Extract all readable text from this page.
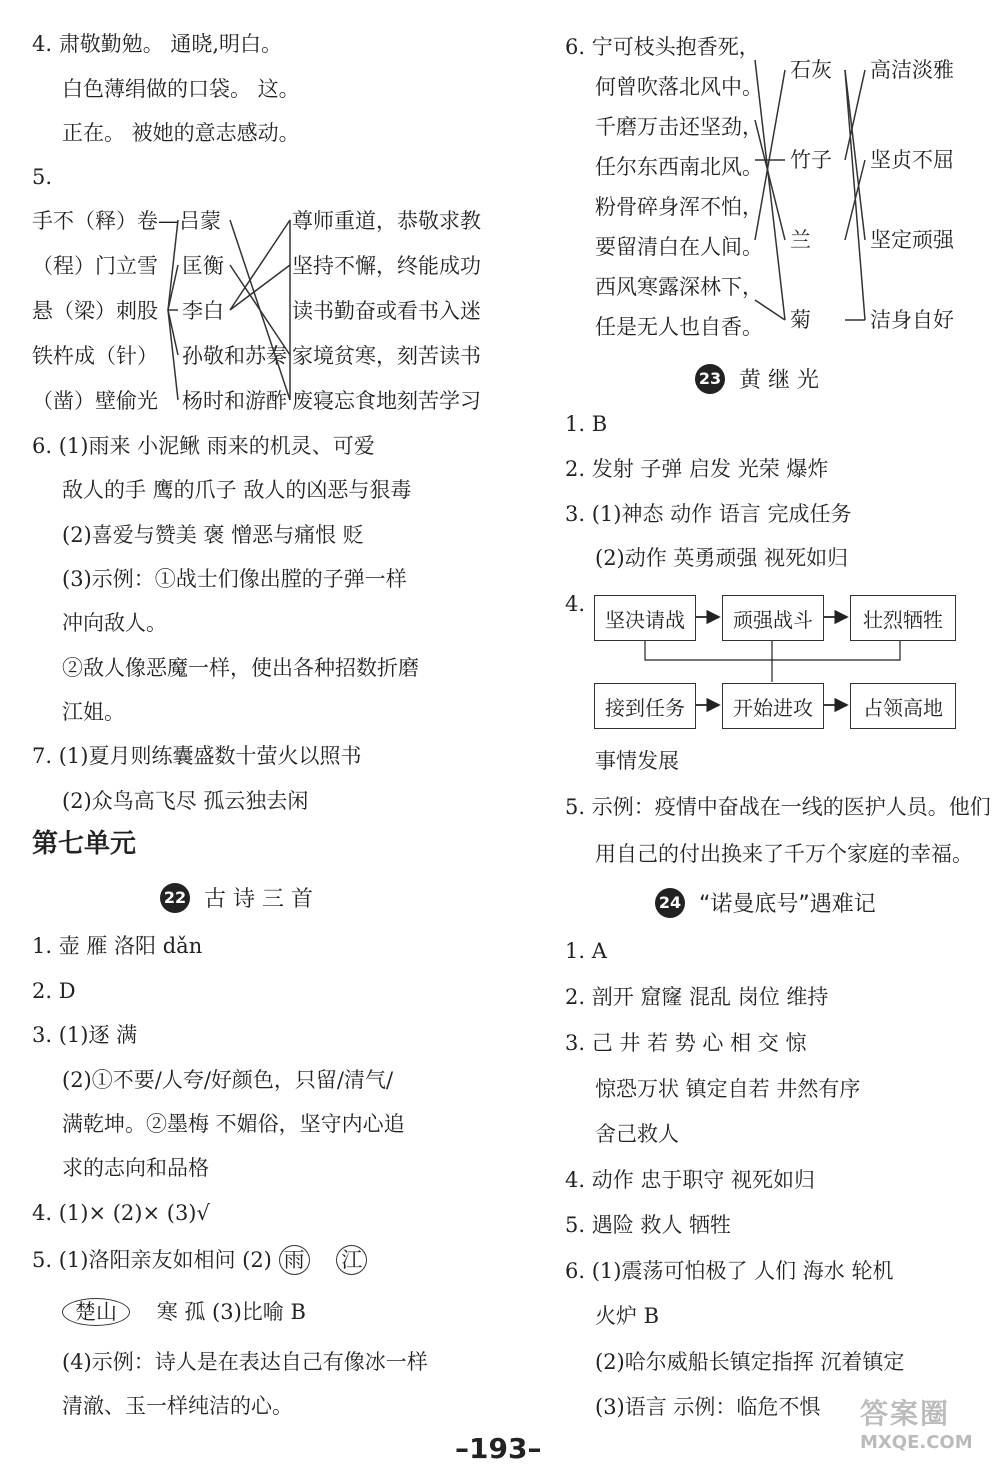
4. 肃敬勤勉。 通晓,明白。
白色薄绢做的口袋。 这。
正在。 被她的意志感动。
5.
手不（释）卷—吕蒙
（程）门立雪
悬（梁）刺股
铁杵成（针）
（凿）壁偷光
匡衡
李白
孙敬和苏秦
杨时和游酢
尊师重道，恭敬求教
坚持不懈，终能成功
读书勤奋或看书入迷
家境贫寒，刻苦读书
废寝忘食地刻苦学习
6. (1)雨来 小泥鳅 雨来的机灵、可爱
敌人的手 鹰的爪子 敌人的凶恶与狠毒
(2)喜爱与赞美 褒 憎恶与痛恨 贬
(3)示例：①战士们像出膛的子弹一样
冲向敌人。
②敌人像恶魔一样，使出各种招数折磨
江姐。
7. (1)夏月则练囊盛数十萤火以照书
(2)众鸟高飞尽 孤云独去闲
第七单元
22 古 诗 三 首
1. 壶 雁 洛阳 dǎn
2. D
3. (1)逐 满
(2)①不要/人夸/好颜色，只留/清气/
满乾坤。②墨梅 不媚俗，坚守内心追
求的志向和品格
4. (1)× (2)× (3)√
5. (1)洛阳亲友如相问 (2) 雨 江
楚山 寒 孤 (3)比喻 B
(4)示例：诗人是在表达自己有像冰一样
清澈、玉一样纯洁的心。
6. 宁可枝头抱香死，
何曾吹落北风中。
千磨万击还坚劲，
任尔东西南北风。
粉骨碎身浑不怕，
要留清白在人间。
西风寒露深林下，
任是无人也自香。
石灰
竹子
兰
菊
高洁淡雅
坚贞不屈
坚定顽强
洁身自好
23 黄 继 光
1. B
2. 发射 子弹 启发 光荣 爆炸
3. (1)神态 动作 语言 完成任务
(2)动作 英勇顽强 视死如归
4.
坚决请战	顽强战斗	壮烈牺牲
接到任务	开始进攻	占领高地
事情发展
5. 示例：疫情中奋战在一线的医护人员。他们
用自己的付出换来了千万个家庭的幸福。
24 “诺曼底号”遇难记
1. A
2. 剖开 窟窿 混乱 岗位 维持
3. 己 井 若 势 心 相 交 惊
惊恐万状 镇定自若 井然有序
舍己救人
4. 动作 忠于职守 视死如归
5. 遇险 救人 牺牲
6. (1)震荡可怕极了 人们 海水 轮机
火炉 B
(2)哈尔威船长镇定指挥 沉着镇定
(3)语言 示例：临危不惧
–193–
答案圈
MXQE.COM
